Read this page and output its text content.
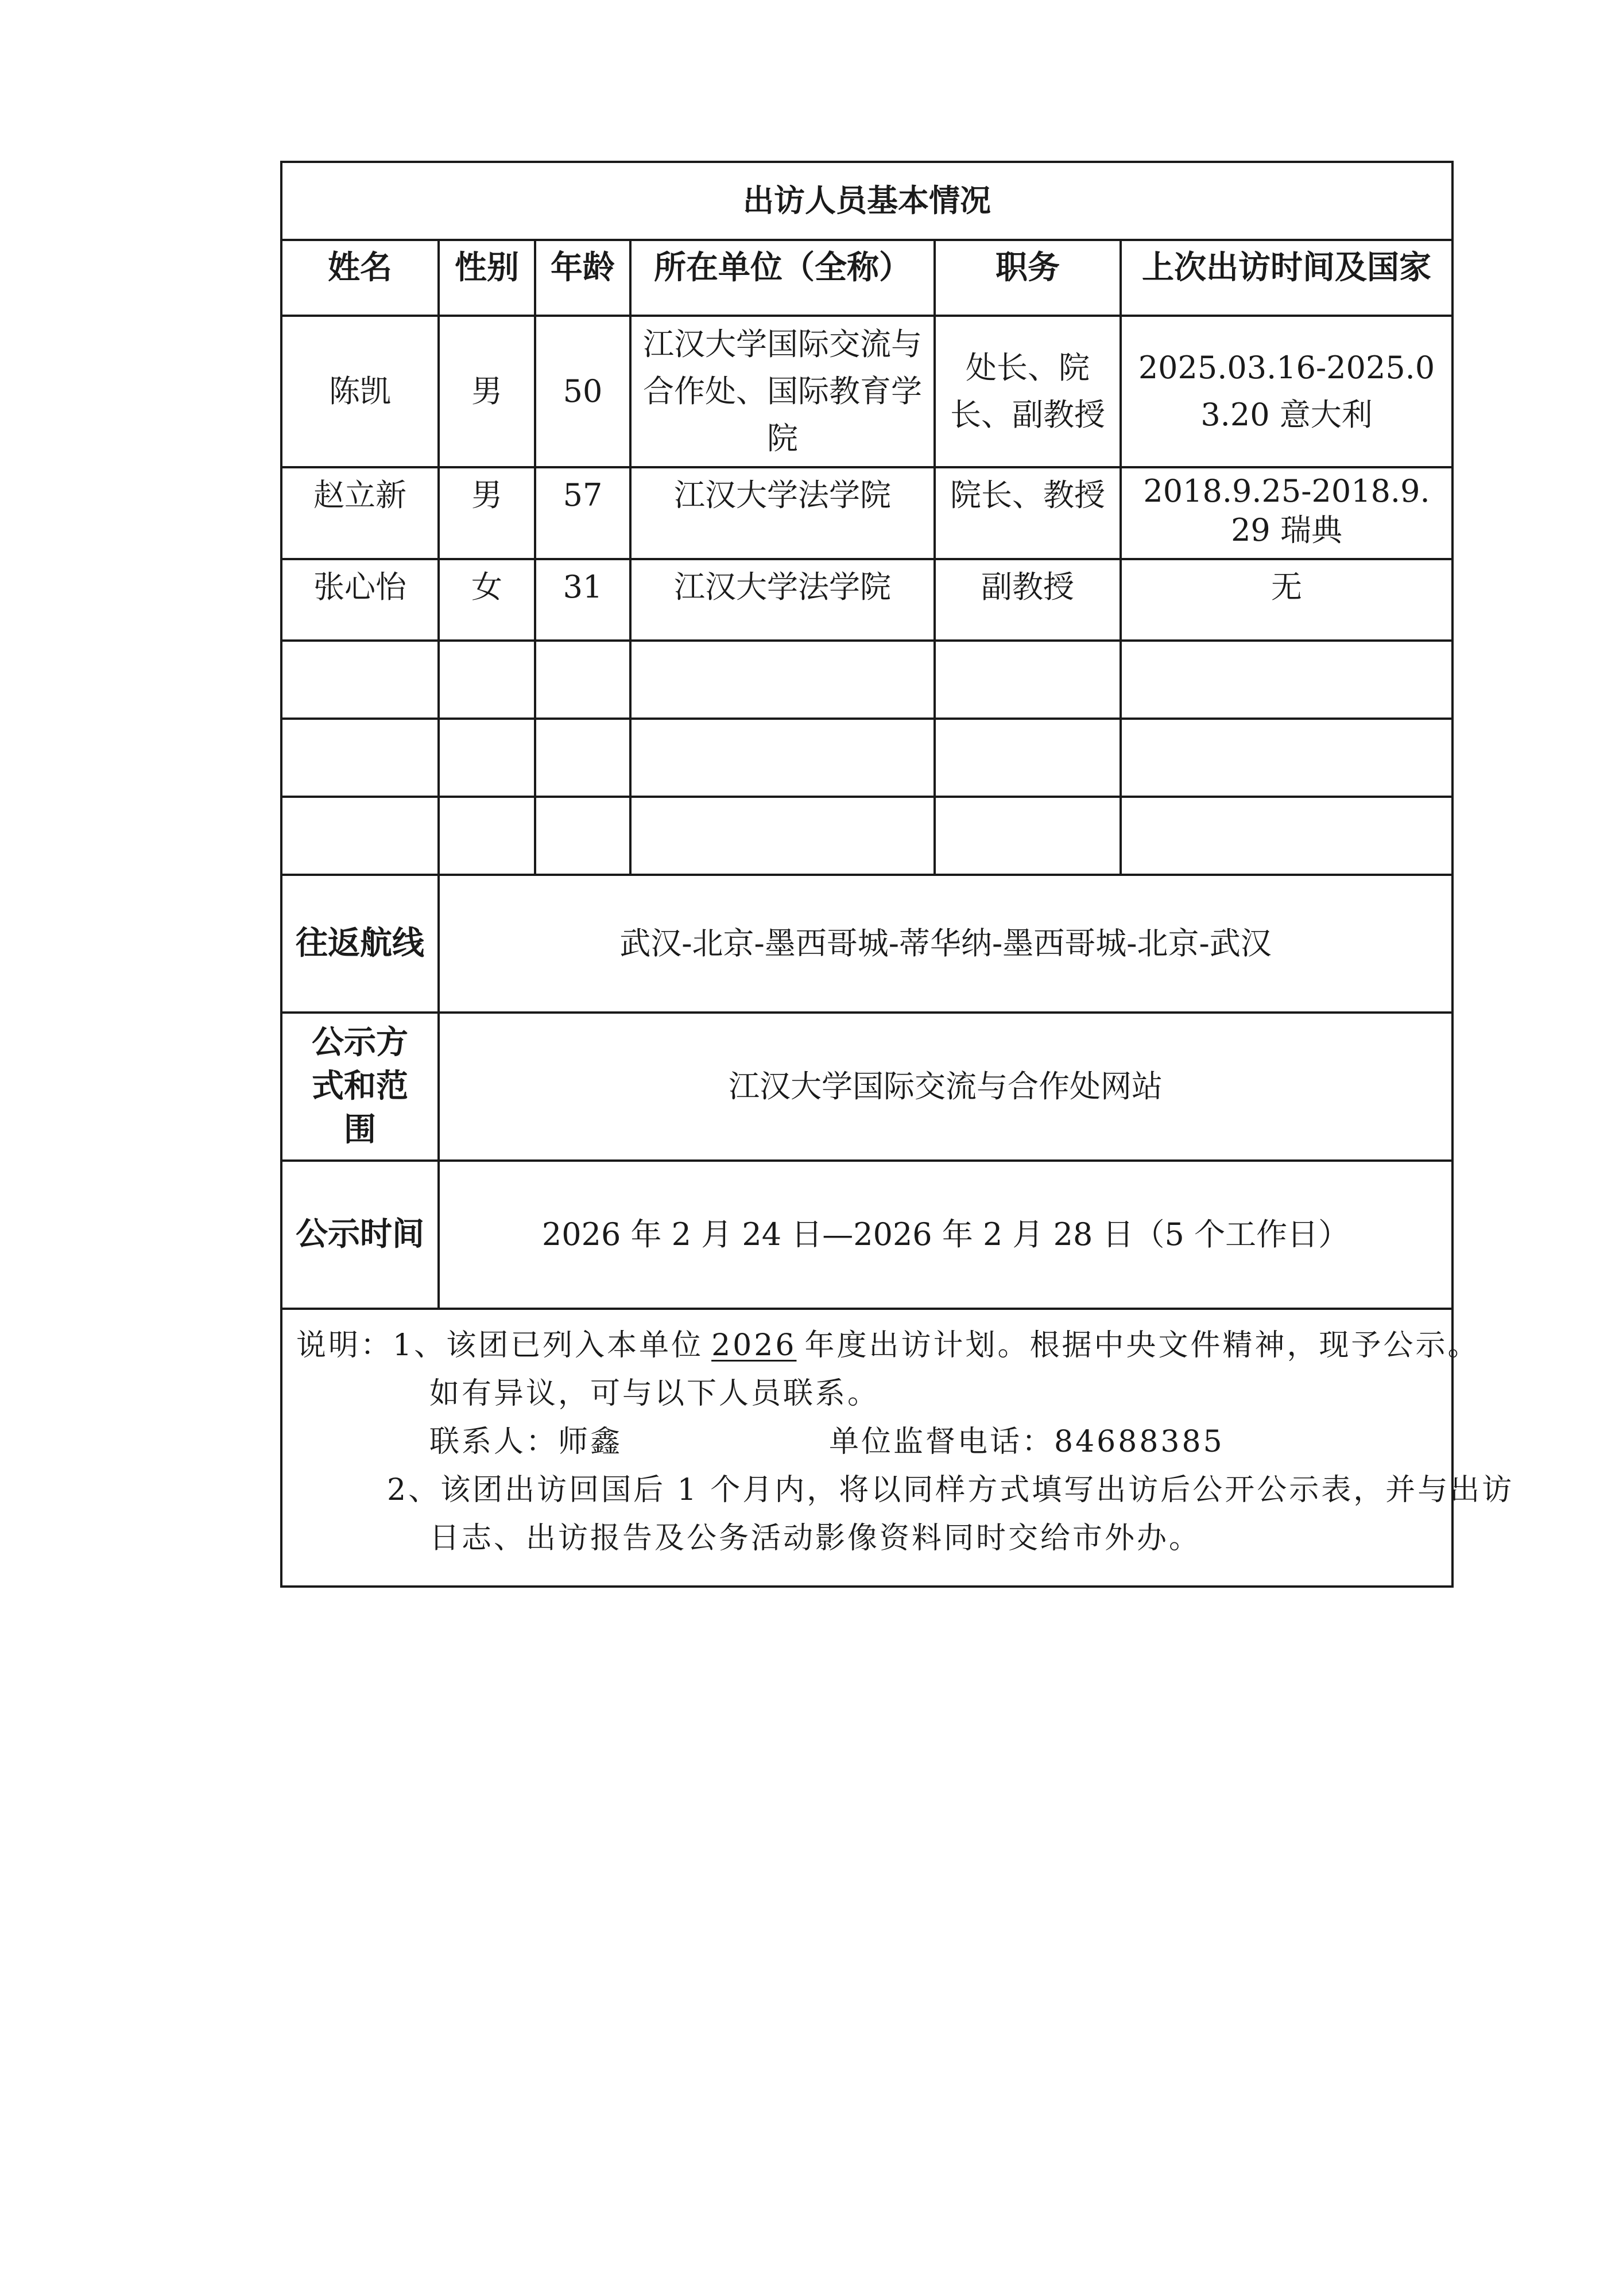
出访人员基本情况					
姓名	性别	年龄	所在单位（全称）	职务	上次出访时间及国家
陈凯	男	50	江汉大学国际交流与合作处、国际教育学院	处长、院长、副教授	2025.03.16-2025.03.20 意大利
赵立新	男	57	江汉大学法学院	院长、教授	2018.9.25-2018.9.29 瑞典
张心怡	女	31	江汉大学法学院	副教授	无

往返航线	武汉-北京-墨西哥城-蒂华纳-墨西哥城-北京-武汉				
公示方式和范围	江汉大学国际交流与合作处网站				
公示时间	2026 年 2 月 24 日—2026 年 2 月 28 日（5 个工作日）				

说明：1、该团已列入本单位 2026 年度出访计划。根据中央文件精神，现予公示。
如有异议，可与以下人员联系。
联系人：师鑫 单位监督电话：84688385
2、该团出访回国后 1 个月内，将以同样方式填写出访后公开公示表，并与出访
日志、出访报告及公务活动影像资料同时交给市外办。					
